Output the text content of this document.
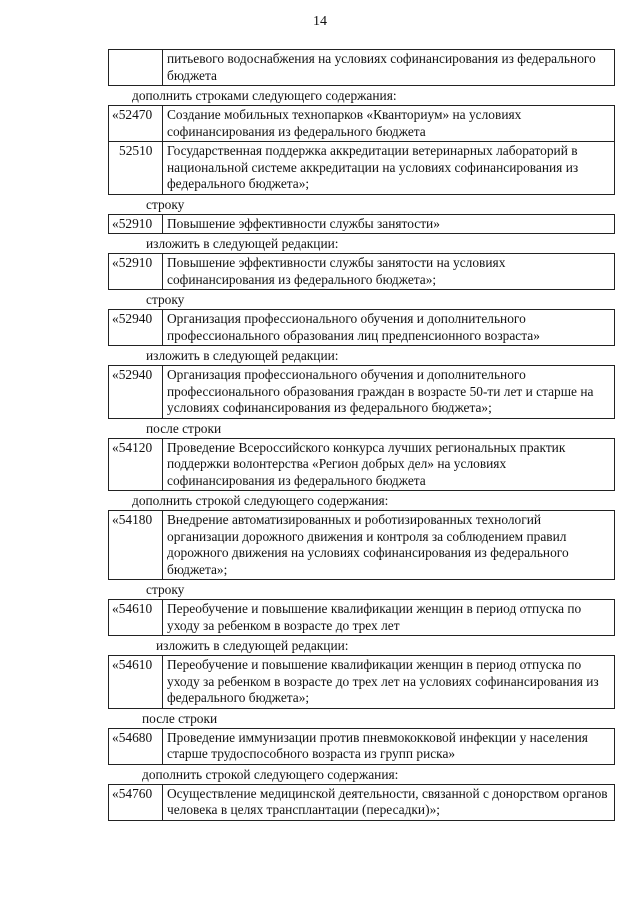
14
питьевого водоснабжения на условиях софинансирования из федерального бюджета
дополнить строками следующего содержания:
«52470	Создание мобильных технопарков «Кванториум» на условиях софинансирования из федерального бюджета
52510	Государственная поддержка аккредитации ветеринарных лабораторий в национальной системе аккредитации на условиях софинансирования из федерального бюджета»;
строку
«52910	Повышение эффективности службы занятости»
изложить в следующей редакции:
«52910	Повышение эффективности службы занятости на условиях софинансирования из федерального бюджета»;
строку
«52940	Организация профессионального обучения и дополнительного профессионального образования лиц предпенсионного возраста»
изложить в следующей редакции:
«52940	Организация профессионального обучения и дополнительного профессионального образования граждан в возрасте 50-ти лет и старше на условиях софинансирования из федерального бюджета»;
после строки
«54120	Проведение Всероссийского конкурса лучших региональных практик поддержки волонтерства «Регион добрых дел» на условиях софинансирования из федерального бюджета
дополнить строкой следующего содержания:
«54180	Внедрение автоматизированных и роботизированных технологий организации дорожного движения и контроля за соблюдением правил дорожного движения на условиях софинансирования из федерального бюджета»;
строку
«54610	Переобучение и повышение квалификации женщин в период отпуска по уходу за ребенком в возрасте до трех лет
изложить в следующей редакции:
«54610	Переобучение и повышение квалификации женщин в период отпуска по уходу за ребенком в возрасте до трех лет на условиях софинансирования из федерального бюджета»;
после строки
«54680	Проведение иммунизации против пневмококковой инфекции у населения старше трудоспособного возраста из групп риска»
дополнить строкой следующего содержания:
«54760	Осуществление медицинской деятельности, связанной с донорством органов человека в целях трансплантации (пересадки)»;
